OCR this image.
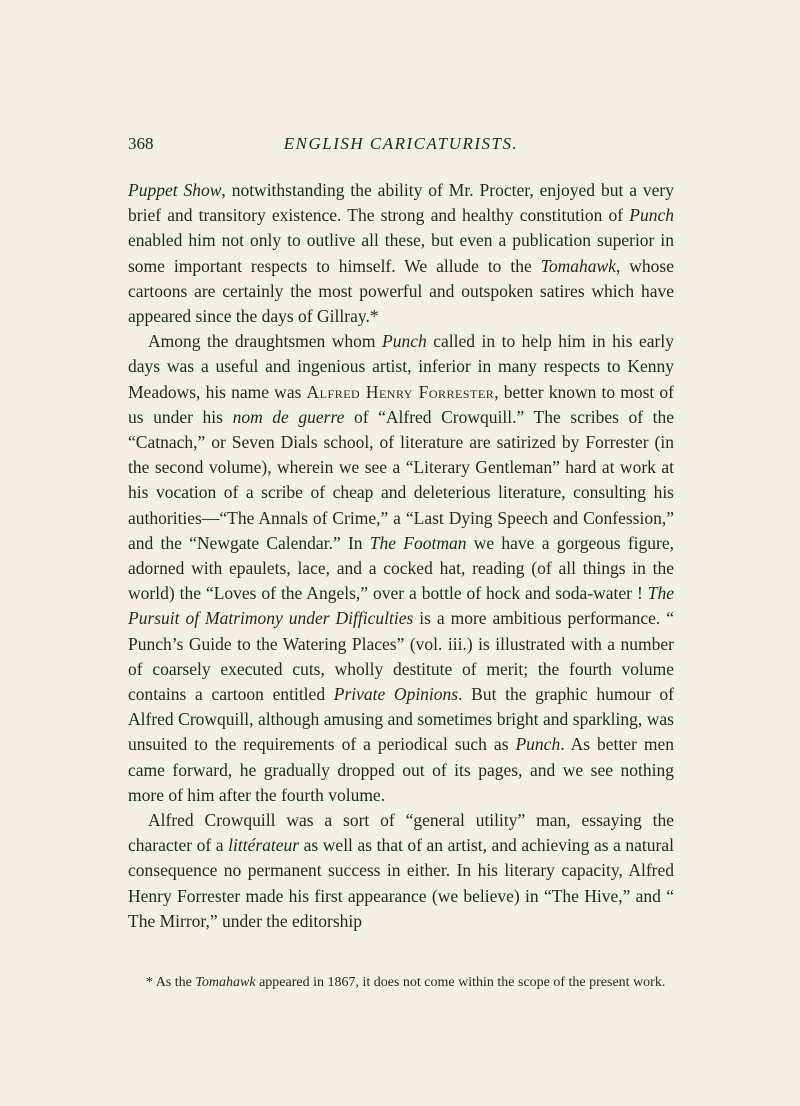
368	ENGLISH CARICATURISTS.

Puppet Show, notwithstanding the ability of Mr. Procter, enjoyed but a very brief and transitory existence. The strong and healthy constitution of Punch enabled him not only to outlive all these, but even a publication superior in some important respects to himself. We allude to the Tomahawk, whose cartoons are certainly the most powerful and outspoken satires which have appeared since the days of Gillray.*

Among the draughtsmen whom Punch called in to help him in his early days was a useful and ingenious artist, inferior in many respects to Kenny Meadows, his name was Alfred Henry Forrester, better known to most of us under his nom de guerre of “Alfred Crowquill.” The scribes of the “Catnach,” or Seven Dials school, of literature are satirized by Forrester (in the second volume), wherein we see a “Literary Gentleman” hard at work at his vocation of a scribe of cheap and deleterious literature, consulting his authorities—“The Annals of Crime,” a “Last Dying Speech and Confession,” and the “Newgate Calendar.” In The Footman we have a gorgeous figure, adorned with epaulets, lace, and a cocked hat, reading (of all things in the world) the “Loves of the Angels,” over a bottle of hock and soda-water ! The Pursuit of Matrimony under Difficulties is a more ambitious performance. “ Punch’s Guide to the Watering Places” (vol. iii.) is illustrated with a number of coarsely executed cuts, wholly destitute of merit; the fourth volume contains a cartoon entitled Private Opinions. But the graphic humour of Alfred Crowquill, although amusing and sometimes bright and sparkling, was unsuited to the requirements of a periodical such as Punch. As better men came forward, he gradually dropped out of its pages, and we see nothing more of him after the fourth volume.

Alfred Crowquill was a sort of “general utility” man, essaying the character of a littérateur as well as that of an artist, and achieving as a natural consequence no permanent success in either. In his literary capacity, Alfred Henry Forrester made his first appearance (we believe) in “The Hive,” and “ The Mirror,” under the editorship

* As the Tomahawk appeared in 1867, it does not come within the scope of the present work.
